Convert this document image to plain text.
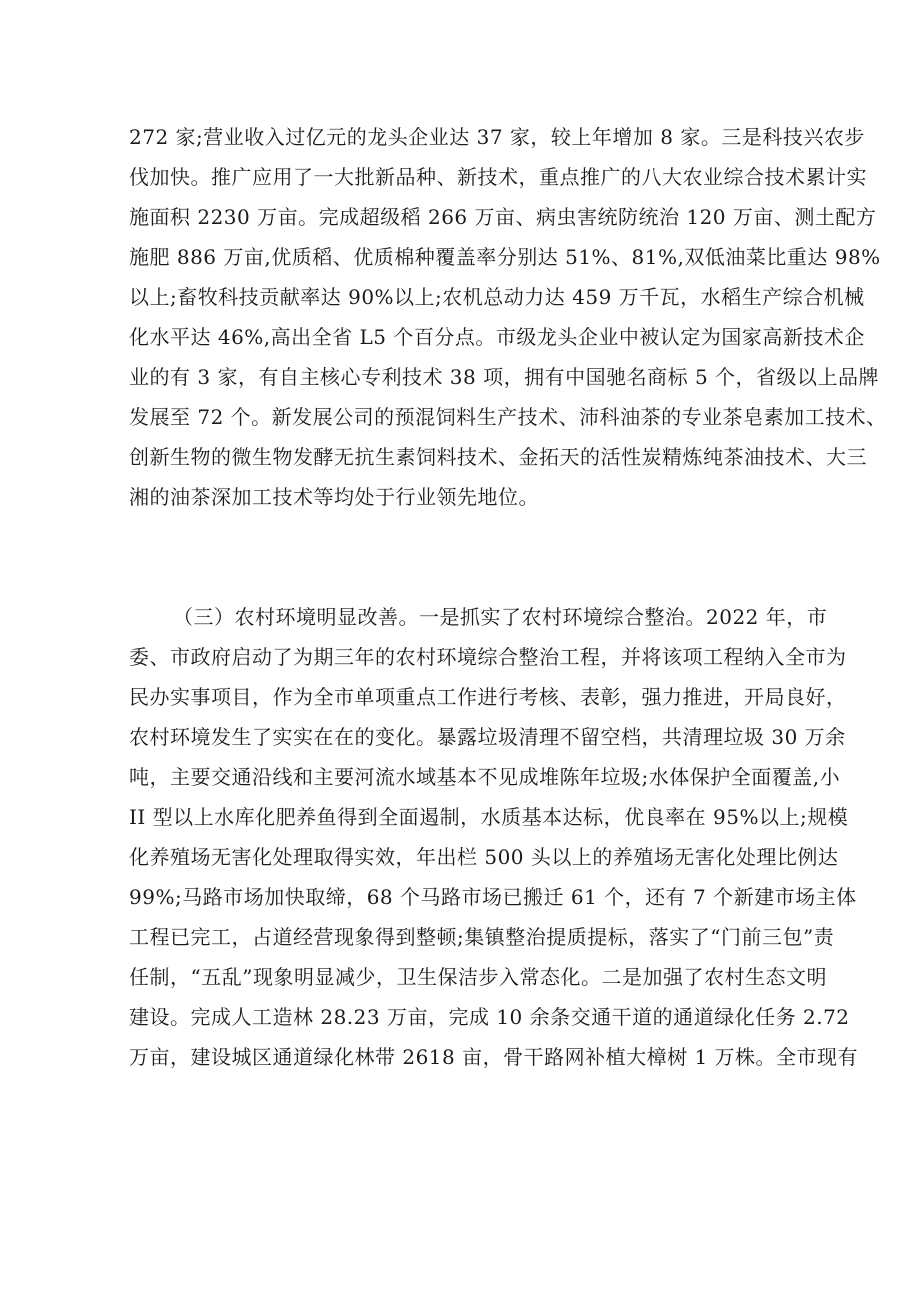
272 家;营业收入过亿元的龙头企业达 37 家，较上年增加 8 家。三是科技兴农步
伐加快。推广应用了一大批新品种、新技术，重点推广的八大农业综合技术累计实
施面积 2230 万亩。完成超级稻 266 万亩、病虫害统防统治 120 万亩、测土配方
施肥 886 万亩,优质稻、优质棉种覆盖率分别达 51%、81%,双低油菜比重达 98%
以上;畜牧科技贡献率达 90%以上;农机总动力达 459 万千瓦，水稻生产综合机械
化水平达 46%,高出全省 L5 个百分点。市级龙头企业中被认定为国家高新技术企
业的有 3 家，有自主核心专利技术 38 项，拥有中国驰名商标 5 个，省级以上品牌
发展至 72 个。新发展公司的预混饲料生产技术、沛科油茶的专业茶皂素加工技术、
创新生物的微生物发酵无抗生素饲料技术、金拓天的活性炭精炼纯茶油技术、大三
湘的油茶深加工技术等均处于行业领先地位。
（三）农村环境明显改善。一是抓实了农村环境综合整治。2022 年，市
委、市政府启动了为期三年的农村环境综合整治工程，并将该项工程纳入全市为
民办实事项目，作为全市单项重点工作进行考核、表彰，强力推进，开局良好，
农村环境发生了实实在在的变化。暴露垃圾清理不留空档，共清理垃圾 30 万余
吨，主要交通沿线和主要河流水域基本不见成堆陈年垃圾;水体保护全面覆盖,小
II 型以上水库化肥养鱼得到全面遏制，水质基本达标，优良率在 95%以上;规模
化养殖场无害化处理取得实效，年出栏 500 头以上的养殖场无害化处理比例达
99%;马路市场加快取缔，68 个马路市场已搬迁 61 个，还有 7 个新建市场主体
工程已完工，占道经营现象得到整顿;集镇整治提质提标，落实了“门前三包”责
任制，“五乱”现象明显减少，卫生保洁步入常态化。二是加强了农村生态文明
建设。完成人工造林 28.23 万亩，完成 10 余条交通干道的通道绿化任务 2.72
万亩，建设城区通道绿化林带 2618 亩，骨干路网补植大樟树 1 万株。全市现有
